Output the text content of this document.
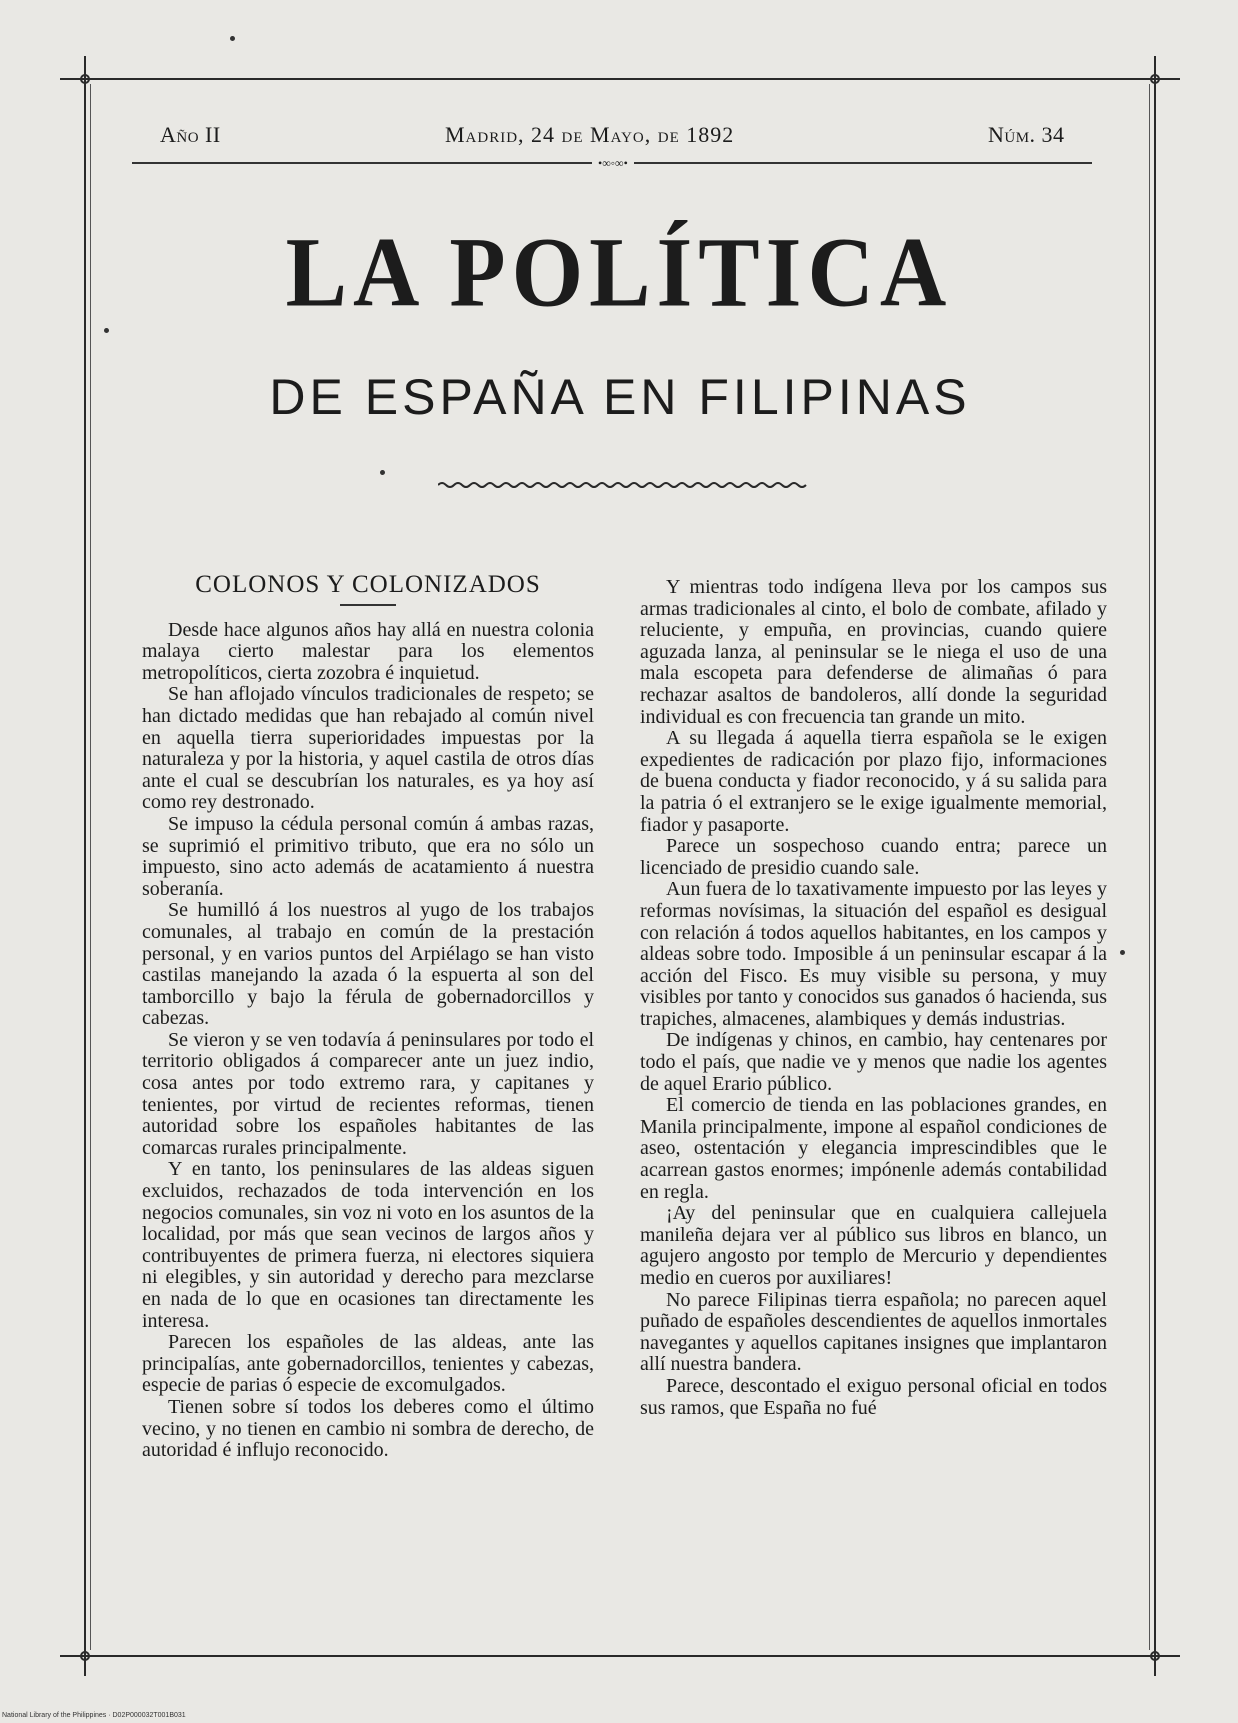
Año II	Madrid, 24 de Mayo, de 1892	Núm. 34
•∞◦∞•
LA POLÍTICA
DE ESPAÑA EN FILIPINAS
COLONOS Y COLONIZADOS

Desde hace algunos años hay allá en nuestra colonia malaya cierto malestar para los elementos metropolíticos, cierta zozobra é inquietud.

Se han aflojado vínculos tradicionales de respeto; se han dictado medidas que han rebajado al común nivel en aquella tierra superioridades impuestas por la naturaleza y por la historia, y aquel castila de otros días ante el cual se descubrían los naturales, es ya hoy así como rey destronado.

Se impuso la cédula personal común á ambas razas, se suprimió el primitivo tributo, que era no sólo un impuesto, sino acto además de acatamiento á nuestra soberanía.

Se humilló á los nuestros al yugo de los trabajos comunales, al trabajo en común de la prestación personal, y en varios puntos del Arpiélago se han visto castilas manejando la azada ó la espuerta al son del tamborcillo y bajo la férula de gobernadorcillos y cabezas.

Se vieron y se ven todavía á peninsulares por todo el territorio obligados á comparecer ante un juez indio, cosa antes por todo extremo rara, y capitanes y tenientes, por virtud de recientes reformas, tienen autoridad sobre los españoles habitantes de las comarcas rurales principalmente.

Y en tanto, los peninsulares de las aldeas siguen excluidos, rechazados de toda intervención en los negocios comunales, sin voz ni voto en los asuntos de la localidad, por más que sean vecinos de largos años y contribuyentes de primera fuerza, ni electores siquiera ni elegibles, y sin autoridad y derecho para mezclarse en nada de lo que en ocasiones tan directamente les interesa.

Parecen los españoles de las aldeas, ante las principalías, ante gobernadorcillos, tenientes y cabezas, especie de parias ó especie de excomulgados.

Tienen sobre sí todos los deberes como el último vecino, y no tienen en cambio ni sombra de derecho, de autoridad é influjo reconocido.

Y mientras todo indígena lleva por los campos sus armas tradicionales al cinto, el bolo de combate, afilado y reluciente, y empuña, en provincias, cuando quiere aguzada lanza, al peninsular se le niega el uso de una mala escopeta para defenderse de alimañas ó para rechazar asaltos de bandoleros, allí donde la seguridad individual es con frecuencia tan grande un mito.

A su llegada á aquella tierra española se le exigen expedientes de radicación por plazo fijo, informaciones de buena conducta y fiador reconocido, y á su salida para la patria ó el extranjero se le exige igualmente memorial, fiador y pasaporte.

Parece un sospechoso cuando entra; parece un licenciado de presidio cuando sale.

Aun fuera de lo taxativamente impuesto por las leyes y reformas novísimas, la situación del español es desigual con relación á todos aquellos habitantes, en los campos y aldeas sobre todo. Imposible á un peninsular escapar á la acción del Fisco. Es muy visible su persona, y muy visibles por tanto y conocidos sus ganados ó hacienda, sus trapiches, almacenes, alambiques y demás industrias.

De indígenas y chinos, en cambio, hay centenares por todo el país, que nadie ve y menos que nadie los agentes de aquel Erario público.

El comercio de tienda en las poblaciones grandes, en Manila principalmente, impone al español condiciones de aseo, ostentación y elegancia imprescindibles que le acarrean gastos enormes; impónenle además contabilidad en regla.

¡Ay del peninsular que en cualquiera callejuela manileña dejara ver al público sus libros en blanco, un agujero angosto por templo de Mercurio y dependientes medio en cueros por auxiliares!

No parece Filipinas tierra española; no parecen aquel puñado de españoles descendientes de aquellos inmortales navegantes y aquellos capitanes insignes que implantaron allí nuestra bandera.

Parece, descontado el exiguo personal oficial en todos sus ramos, que España no fué

National Library of the Philippines · D02P000032T001B031
